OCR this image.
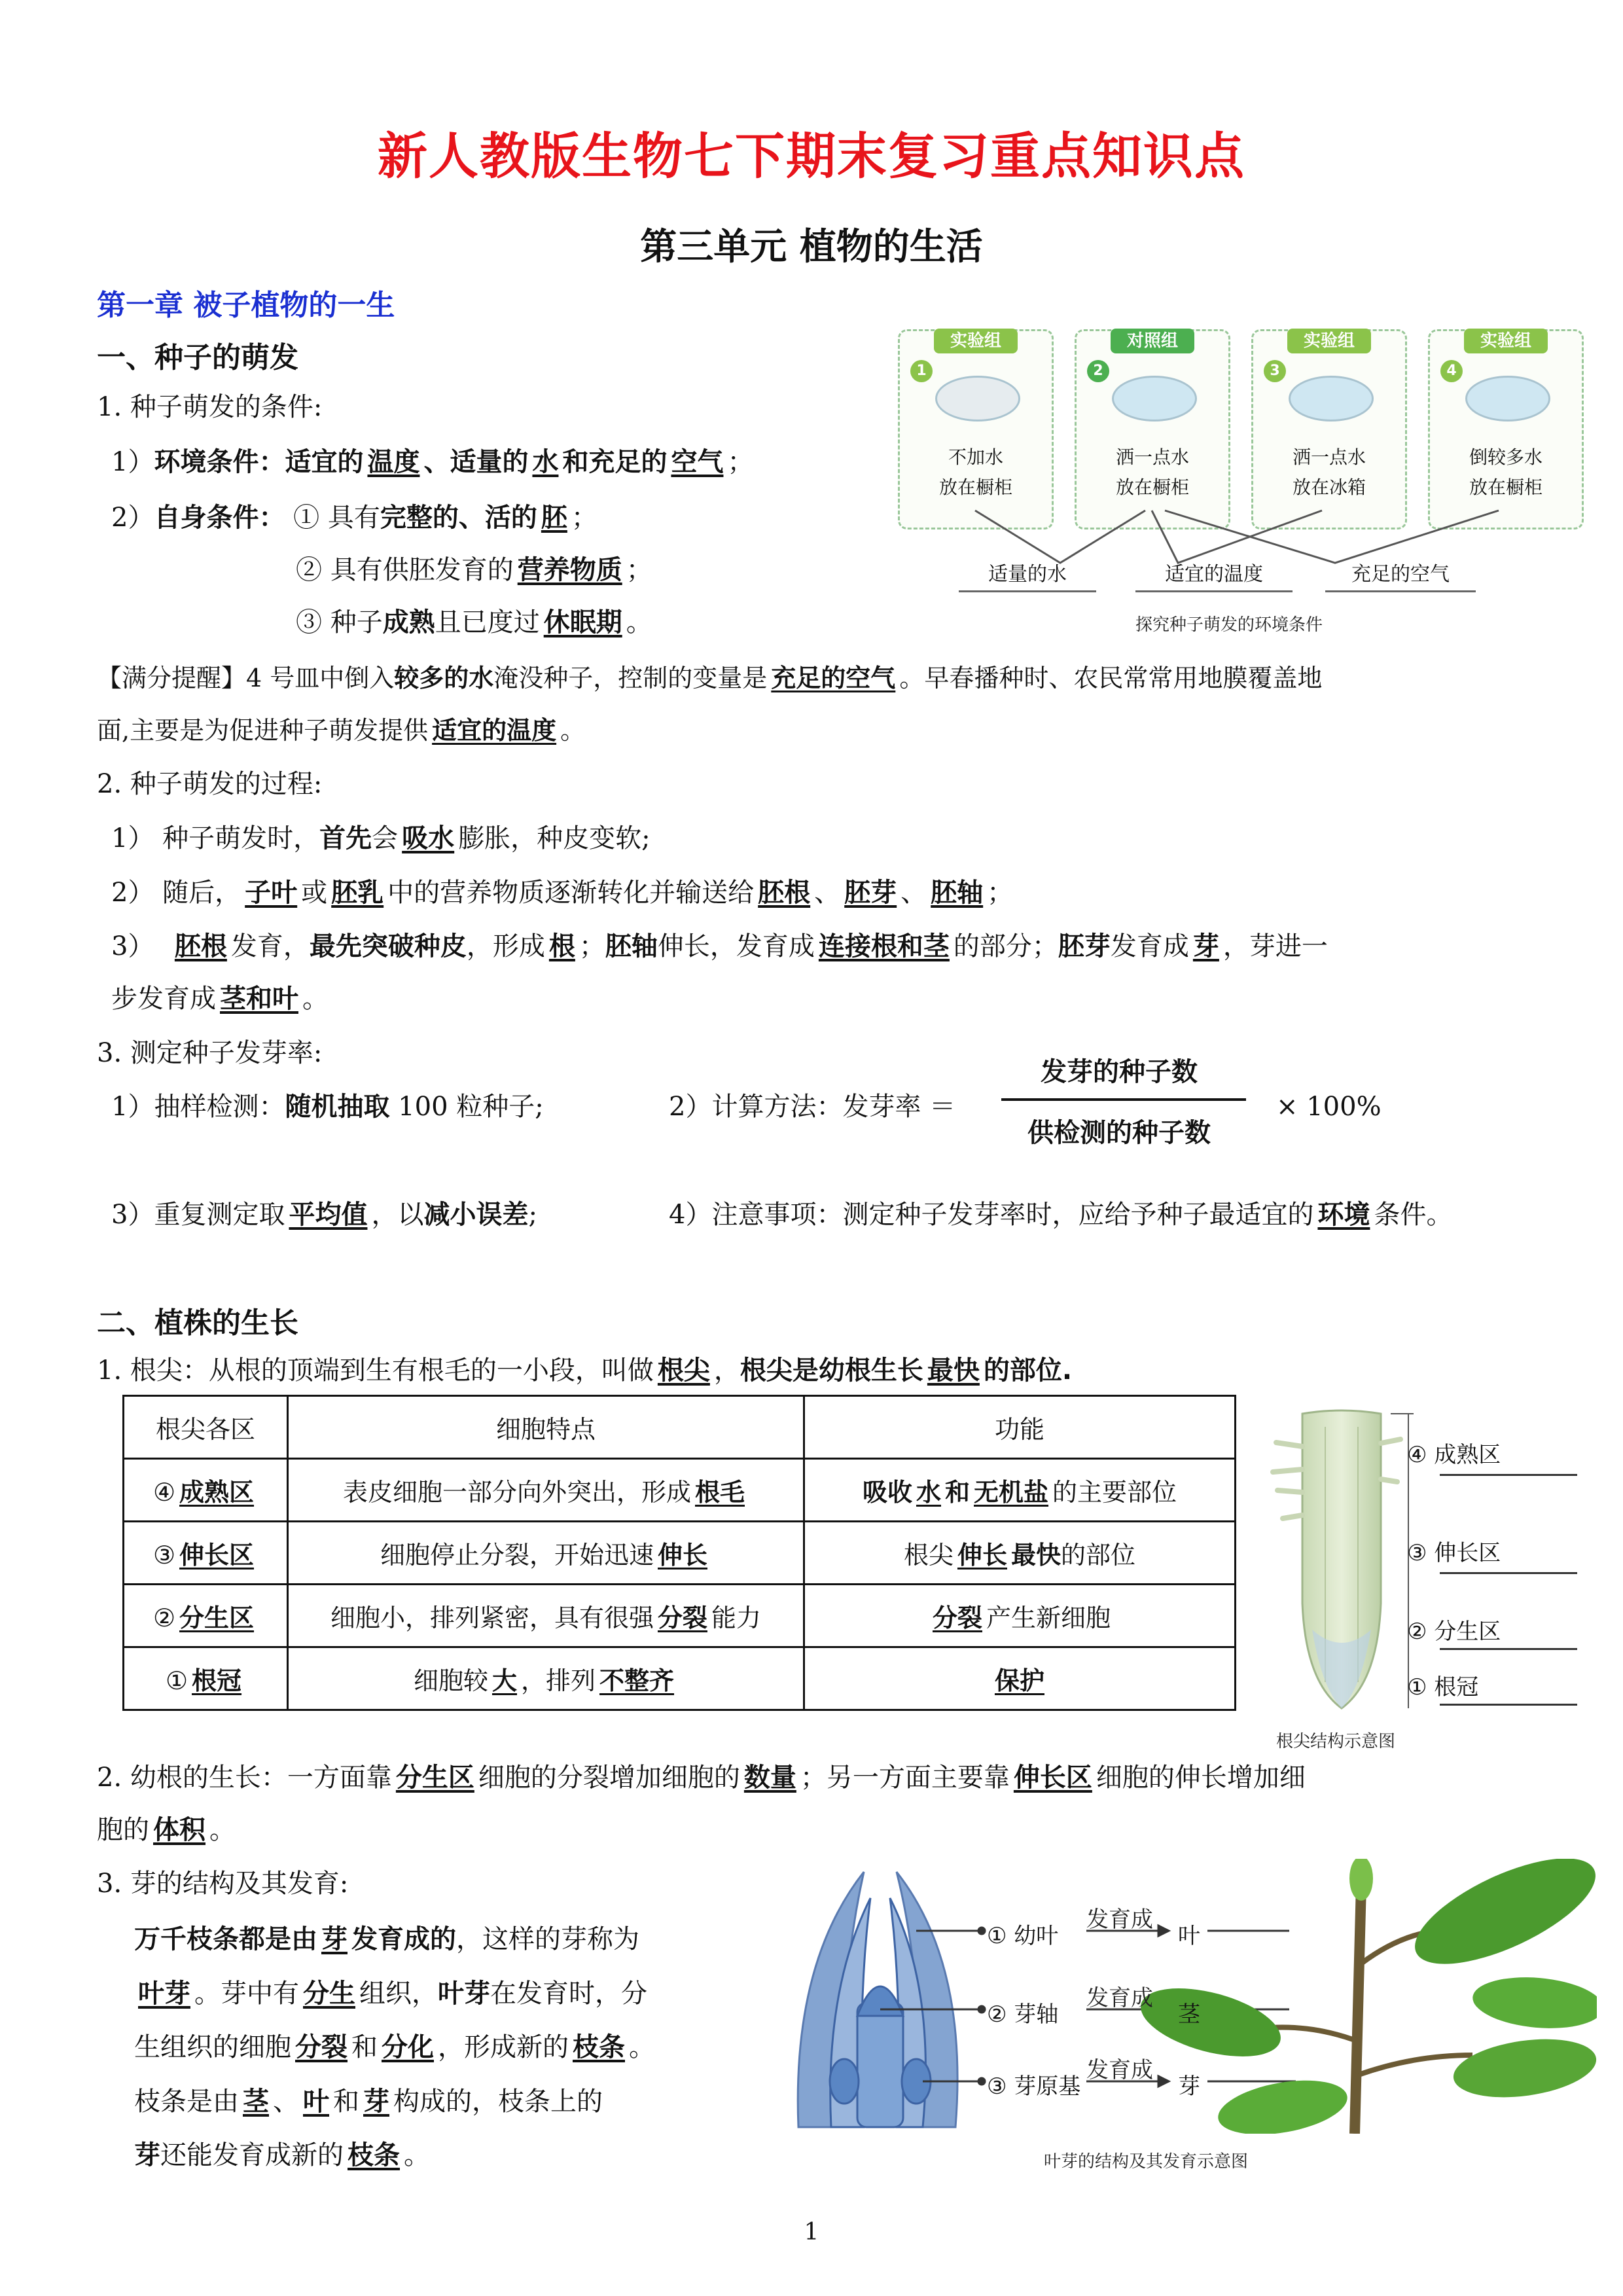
新人教版生物七下期末复习重点知识点
第三单元 植物的生活
第一章 被子植物的一生
一、种子的萌发
1. 种子萌发的条件:
1）环境条件：适宜的 温度 、适量的 水 和充足的 空气 ；
2）自身条件： ① 具有完整的、活的 胚 ；
② 具有供胚发育的 营养物质 ；
③ 种子成熟且已度过 休眠期 。
实验组
1
不加水
放在橱柜
对照组
2
洒一点水
放在橱柜
实验组
3
洒一点水
放在冰箱
实验组
4
倒较多水
放在橱柜
适量的水	适宜的温度	充足的空气
探究种子萌发的环境条件
【满分提醒】4 号皿中倒入较多的水淹没种子，控制的变量是 充足的空气 。早春播种时、农民常常用地膜覆盖地
面,主要是为促进种子萌发提供 适宜的温度 。
2. 种子萌发的过程:
1） 种子萌发时，首先会 吸水 膨胀，种皮变软;
2） 随后， 子叶 或 胚乳 中的营养物质逐渐转化并输送给 胚根 、 胚芽 、 胚轴 ；
3） 胚根 发育，最先突破种皮，形成 根 ；胚轴伸长，发育成 连接根和茎 的部分；胚芽发育成 芽 ，芽进一
步发育成 茎和叶 。
3. 测定种子发芽率:
1）抽样检测：随机抽取 100 粒种子;	2）计算方法：发芽率 ＝
发芽的种子数
供检测的种子数
× 100%
3）重复测定取 平均值 ，以减小误差;	4）注意事项：测定种子发芽率时，应给予种子最适宜的 环境 条件。
二、植株的生长
1. 根尖：从根的顶端到生有根毛的一小段，叫做 根尖 ，根尖是幼根生长 最快 的部位.
根尖各区	细胞特点	功能
④ 成熟区	表皮细胞一部分向外突出，形成 根毛	吸收 水 和 无机盐 的主要部位
③ 伸长区	细胞停止分裂，开始迅速 伸长	根尖 伸长 最快的部位
② 分生区	细胞小，排列紧密，具有很强 分裂 能力	分裂 产生新细胞
① 根冠	细胞较 大 ，排列 不整齐	保护
④ 成熟区
③ 伸长区
② 分生区
① 根冠
根尖结构示意图
2. 幼根的生长：一方面靠 分生区 细胞的分裂增加细胞的 数量 ；另一方面主要靠 伸长区 细胞的伸长增加细
胞的 体积 。
3. 芽的结构及其发育:
万千枝条都是由 芽 发育成的，这样的芽称为
叶芽 。芽中有 分生 组织，叶芽在发育时，分
生组织的细胞 分裂 和 分化 ，形成新的 枝条 。
枝条是由 茎 、 叶 和 芽 构成的，枝条上的
芽还能发育成新的 枝条 。
① 幼叶
发育成
叶
② 芽轴
发育成
茎
③ 芽原基
发育成
芽
叶芽的结构及其发育示意图
1
